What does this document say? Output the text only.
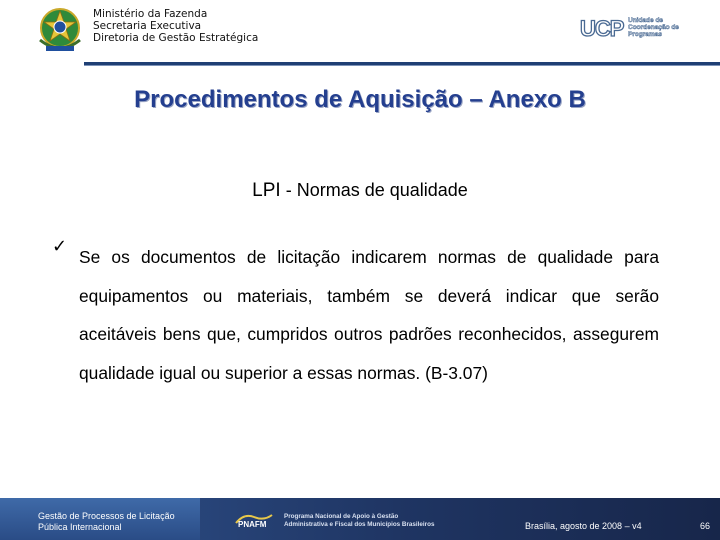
Ministério da Fazenda
Secretaria Executiva
Diretoria de Gestão Estratégica	UCP Unidade de
Coordenação de
Programas
Procedimentos de Aquisição – Anexo B
LPI - Normas de qualidade
✓ Se os documentos de licitação indicarem normas de qualidade para equipamentos ou materiais, também se deverá indicar que serão aceitáveis bens que, cumpridos outros padrões reconhecidos, assegurem qualidade igual ou superior a essas normas. (B-3.07)
Gestão de Processos de Licitação
Pública Internacional	PNAFM
Programa Nacional de Apoio à Gestão
Administrativa e Fiscal dos Municípios Brasileiros	Brasília, agosto de 2008 – v4	66
